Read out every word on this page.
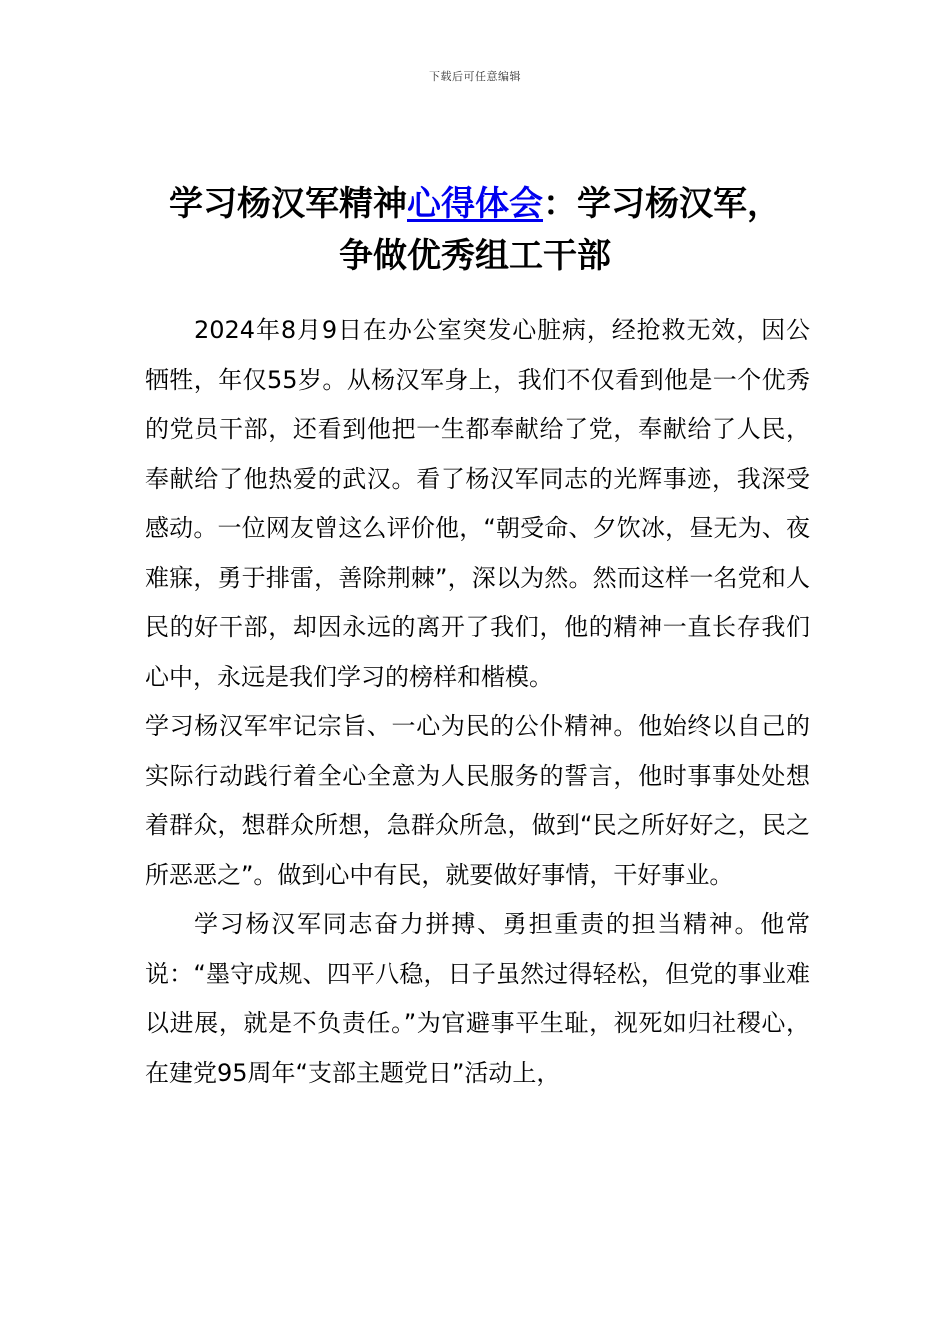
下载后可任意编辑
学习杨汉军精神心得体会：学习杨汉军，
争做优秀组工干部

2024年8月9日在办公室突发心脏病，经抢救无效，因公牺牲，年仅55岁。从杨汉军身上，我们不仅看到他是一个优秀的党员干部，还看到他把一生都奉献给了党，奉献给了人民，奉献给了他热爱的武汉。看了杨汉军同志的光辉事迹，我深受感动。一位网友曾这么评价他，“朝受命、夕饮冰，昼无为、夜难寐，勇于排雷，善除荆棘”，深以为然。然而这样一名党和人民的好干部，却因永远的离开了我们，他的精神一直长存我们心中，永远是我们学习的榜样和楷模。

学习杨汉军牢记宗旨、一心为民的公仆精神。他始终以自己的实际行动践行着全心全意为人民服务的誓言，他时事事处处想着群众，想群众所想，急群众所急，做到“民之所好好之，民之所恶恶之”。做到心中有民，就要做好事情，干好事业。

学习杨汉军同志奋力拼搏、勇担重责的担当精神。他常说：“墨守成规、四平八稳，日子虽然过得轻松，但党的事业难以进展，就是不负责任。”为官避事平生耻，视死如归社稷心，在建党95周年“支部主题党日”活动上，
